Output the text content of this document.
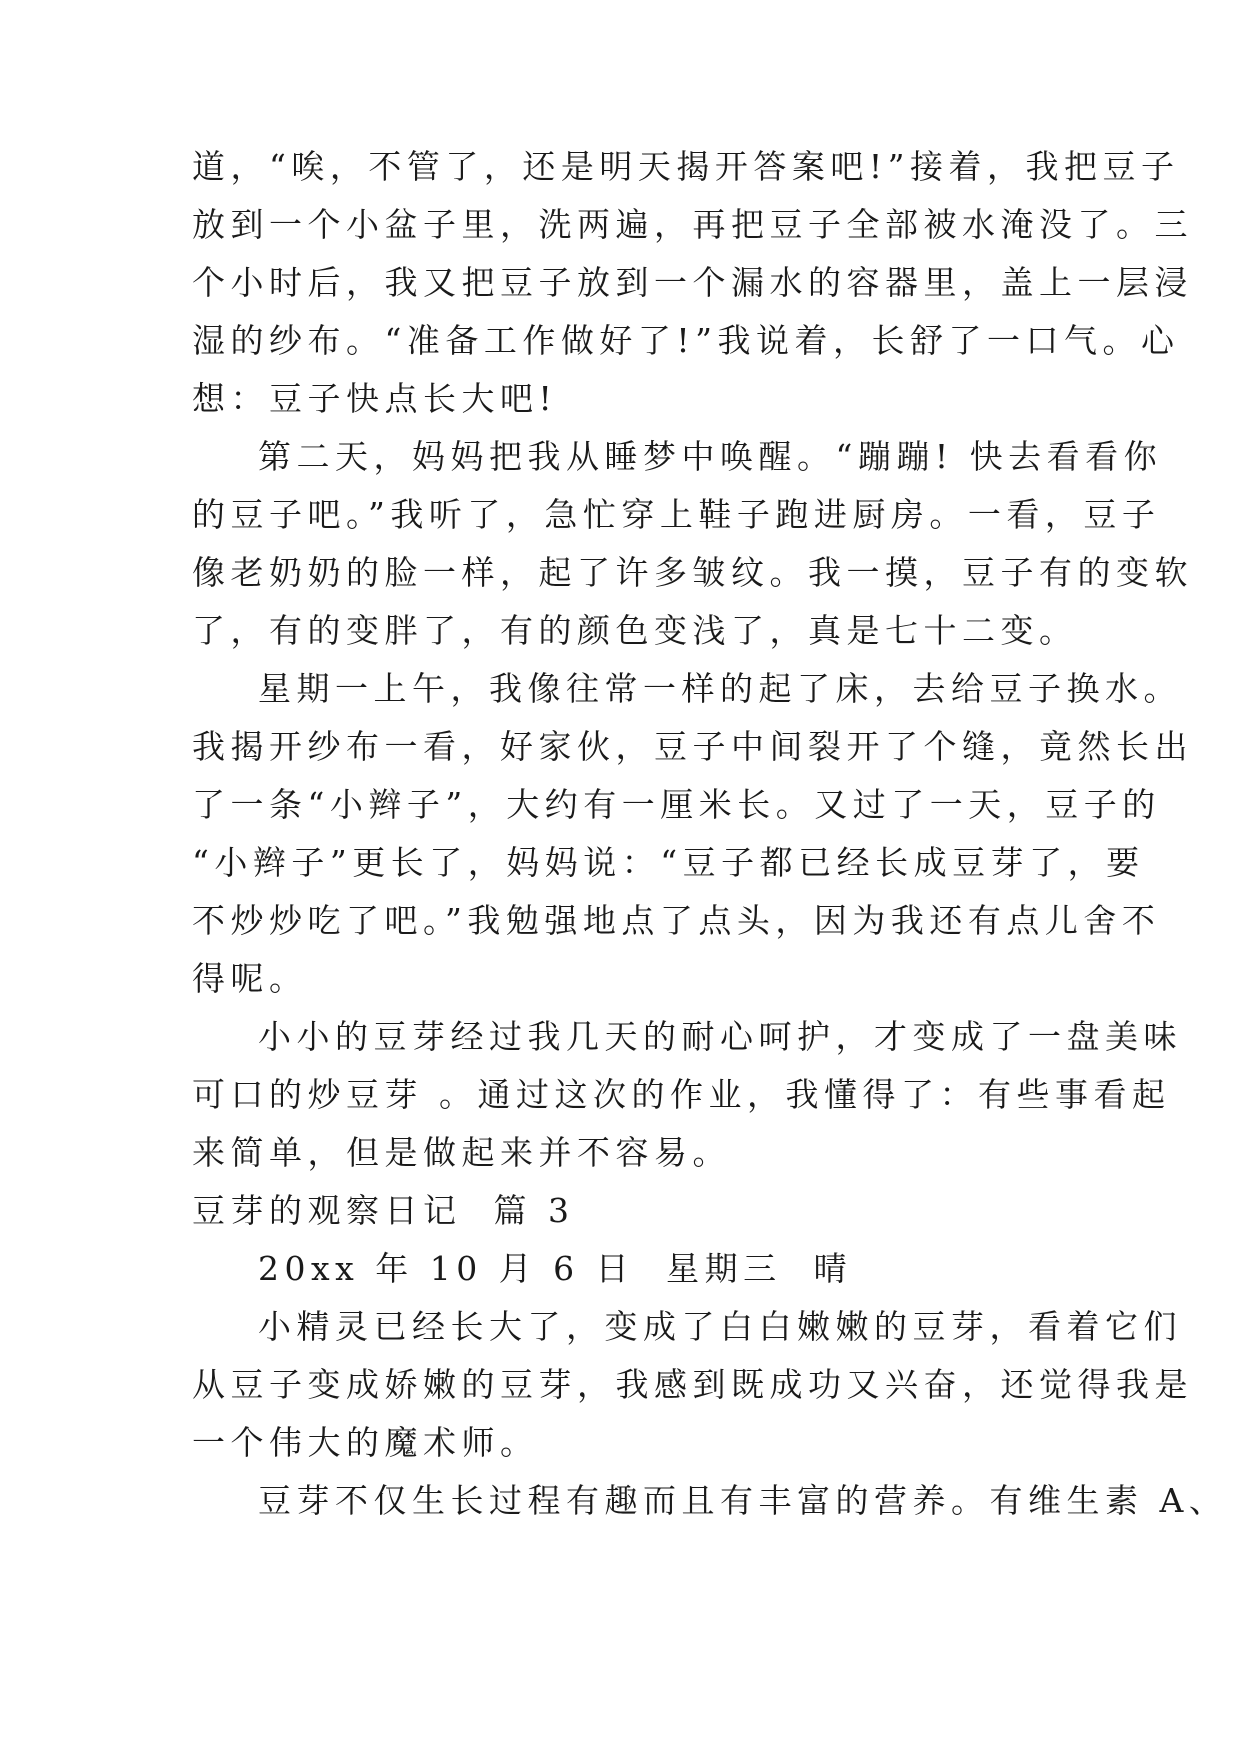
道，“唉，不管了，还是明天揭开答案吧!”接着，我把豆子
放到一个小盆子里，洗两遍，再把豆子全部被水淹没了。三
个小时后，我又把豆子放到一个漏水的容器里，盖上一层浸
湿的纱布。“准备工作做好了!”我说着，长舒了一口气。心
想：豆子快点长大吧!
第二天，妈妈把我从睡梦中唤醒。“蹦蹦! 快去看看你
的豆子吧。”我听了，急忙穿上鞋子跑进厨房。一看，豆子
像老奶奶的脸一样，起了许多皱纹。我一摸，豆子有的变软
了，有的变胖了，有的颜色变浅了，真是七十二变。
星期一上午，我像往常一样的起了床，去给豆子换水。
我揭开纱布一看，好家伙，豆子中间裂开了个缝，竟然长出
了一条“小辫子”，大约有一厘米长。又过了一天，豆子的
“小辫子”更长了，妈妈说：“豆子都已经长成豆芽了，要
不炒炒吃了吧。”我勉强地点了点头，因为我还有点儿舍不
得呢。
小小的豆芽经过我几天的耐心呵护，才变成了一盘美味
可口的炒豆芽 。通过这次的作业，我懂得了：有些事看起
来简单，但是做起来并不容易。
豆芽的观察日记  篇 3
20xx 年 10 月 6 日  星期三  晴
小精灵已经长大了，变成了白白嫩嫩的豆芽，看着它们
从豆子变成娇嫩的豆芽，我感到既成功又兴奋，还觉得我是
一个伟大的魔术师。
豆芽不仅生长过程有趣而且有丰富的营养。有维生素 A、
